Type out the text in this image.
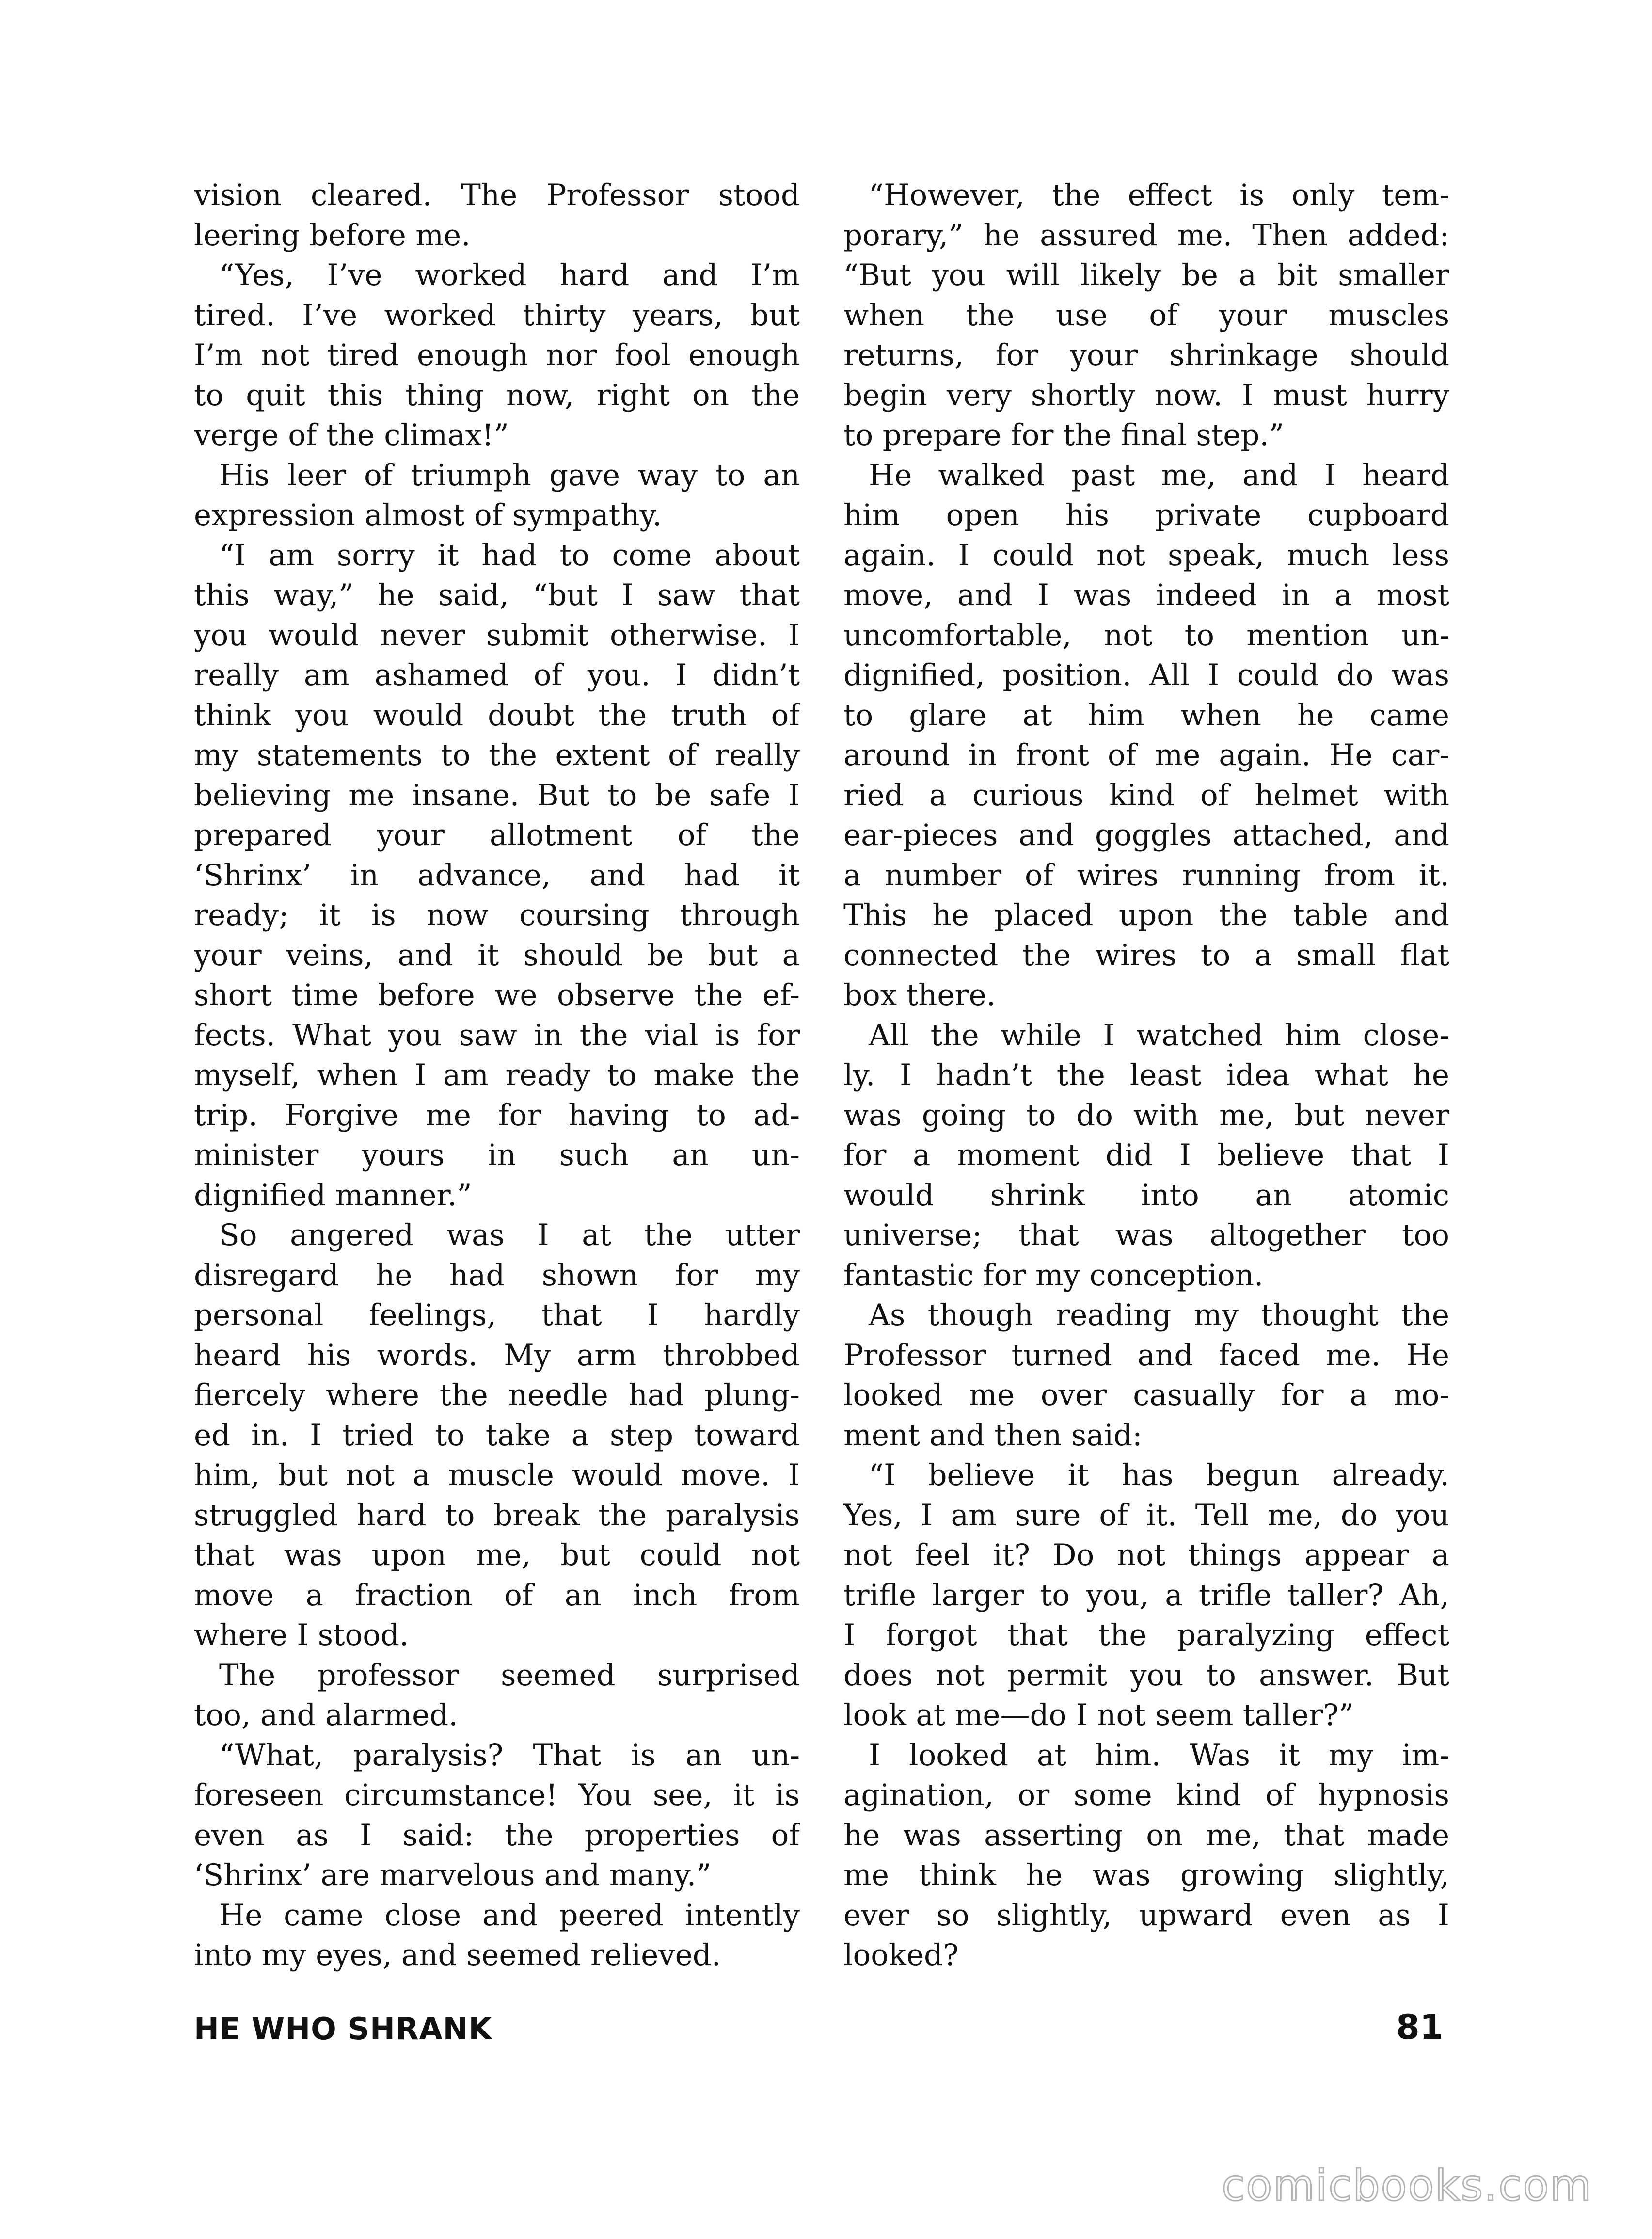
vision cleared. The Professor stood
leering before me.
“Yes, I’ve worked hard and I’m
tired. I’ve worked thirty years, but
I’m not tired enough nor fool enough
to quit this thing now, right on the
verge of the climax!”
His leer of triumph gave way to an
expression almost of sympathy.
“I am sorry it had to come about
this way,” he said, “but I saw that
you would never submit otherwise. I
really am ashamed of you. I didn’t
think you would doubt the truth of
my statements to the extent of really
believing me insane. But to be safe I
prepared your allotment of the
‘Shrinx’ in advance, and had it
ready; it is now coursing through
your veins, and it should be but a
short time before we observe the ef-
fects. What you saw in the vial is for
myself, when I am ready to make the
trip. Forgive me for having to ad-
minister yours in such an un-
dignified manner.”
So angered was I at the utter
disregard he had shown for my
personal feelings, that I hardly
heard his words. My arm throbbed
fiercely where the needle had plung-
ed in. I tried to take a step toward
him, but not a muscle would move. I
struggled hard to break the paralysis
that was upon me, but could not
move a fraction of an inch from
where I stood.
The professor seemed surprised
too, and alarmed.
“What, paralysis? That is an un-
foreseen circumstance! You see, it is
even as I said: the properties of
‘Shrinx’ are marvelous and many.”
He came close and peered intently
into my eyes, and seemed relieved.
“However, the effect is only tem-
porary,” he assured me. Then added:
“But you will likely be a bit smaller
when the use of your muscles
returns, for your shrinkage should
begin very shortly now. I must hurry
to prepare for the final step.”
He walked past me, and I heard
him open his private cupboard
again. I could not speak, much less
move, and I was indeed in a most
uncomfortable, not to mention un-
dignified, position. All I could do was
to glare at him when he came
around in front of me again. He car-
ried a curious kind of helmet with
ear-pieces and goggles attached, and
a number of wires running from it.
This he placed upon the table and
connected the wires to a small flat
box there.
All the while I watched him close-
ly. I hadn’t the least idea what he
was going to do with me, but never
for a moment did I believe that I
would shrink into an atomic
universe; that was altogether too
fantastic for my conception.
As though reading my thought the
Professor turned and faced me. He
looked me over casually for a mo-
ment and then said:
“I believe it has begun already.
Yes, I am sure of it. Tell me, do you
not feel it? Do not things appear a
trifle larger to you, a trifle taller? Ah,
I forgot that the paralyzing effect
does not permit you to answer. But
look at me—do I not seem taller?”
I looked at him. Was it my im-
agination, or some kind of hypnosis
he was asserting on me, that made
me think he was growing slightly,
ever so slightly, upward even as I
looked?
HE WHO SHRANK	81
comicbooks.com
